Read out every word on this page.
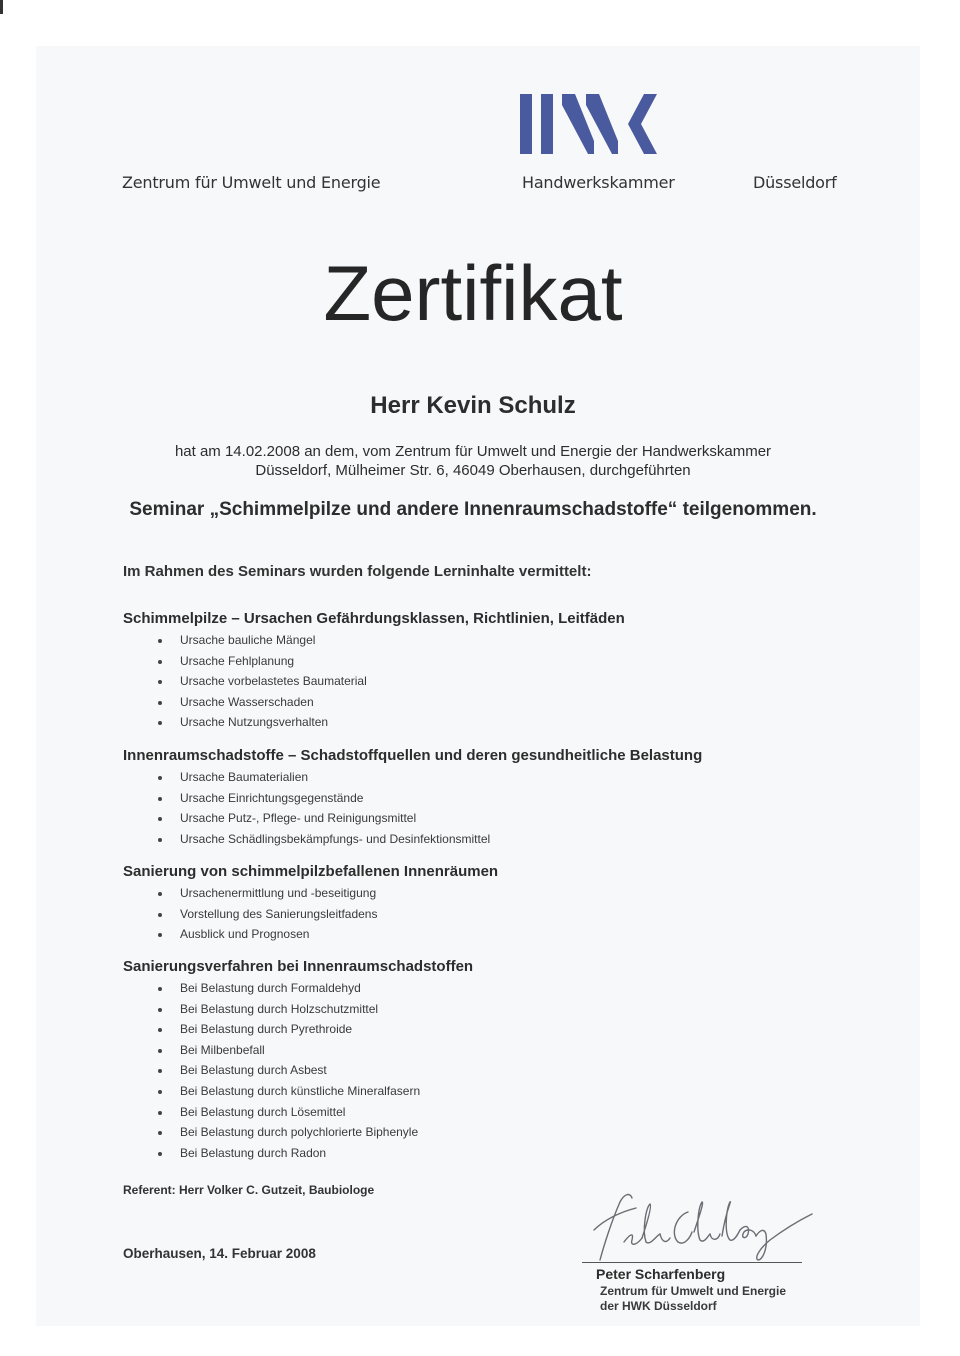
Zentrum für Umwelt und Energie	Handwerkskammer	Düsseldorf
Zertifikat
Herr Kevin Schulz
hat am 14.02.2008 an dem, vom Zentrum für Umwelt und Energie der Handwerkskammer
Düsseldorf, Mülheimer Str. 6, 46049 Oberhausen, durchgeführten
Seminar „Schimmelpilze und andere Innenraumschadstoffe“ teilgenommen.
Im Rahmen des Seminars wurden folgende Lerninhalte vermittelt:
Schimmelpilze – Ursachen Gefährdungsklassen, Richtlinien, Leitfäden
Ursache bauliche Mängel
Ursache Fehlplanung
Ursache vorbelastetes Baumaterial
Ursache Wasserschaden
Ursache Nutzungsverhalten
Innenraumschadstoffe – Schadstoffquellen und deren gesundheitliche Belastung
Ursache Baumaterialien
Ursache Einrichtungsgegenstände
Ursache Putz-, Pflege- und Reinigungsmittel
Ursache Schädlingsbekämpfungs- und Desinfektionsmittel
Sanierung von schimmelpilzbefallenen Innenräumen
Ursachenermittlung und -beseitigung
Vorstellung des Sanierungsleitfadens
Ausblick und Prognosen
Sanierungsverfahren bei Innenraumschadstoffen
Bei Belastung durch Formaldehyd
Bei Belastung durch Holzschutzmittel
Bei Belastung durch Pyrethroide
Bei Milbenbefall
Bei Belastung durch Asbest
Bei Belastung durch künstliche Mineralfasern
Bei Belastung durch Lösemittel
Bei Belastung durch polychlorierte Biphenyle
Bei Belastung durch Radon
Referent: Herr Volker C. Gutzeit, Baubiologe
Oberhausen, 14. Februar 2008
Peter Scharfenberg
Zentrum für Umwelt und Energie
der HWK Düsseldorf
